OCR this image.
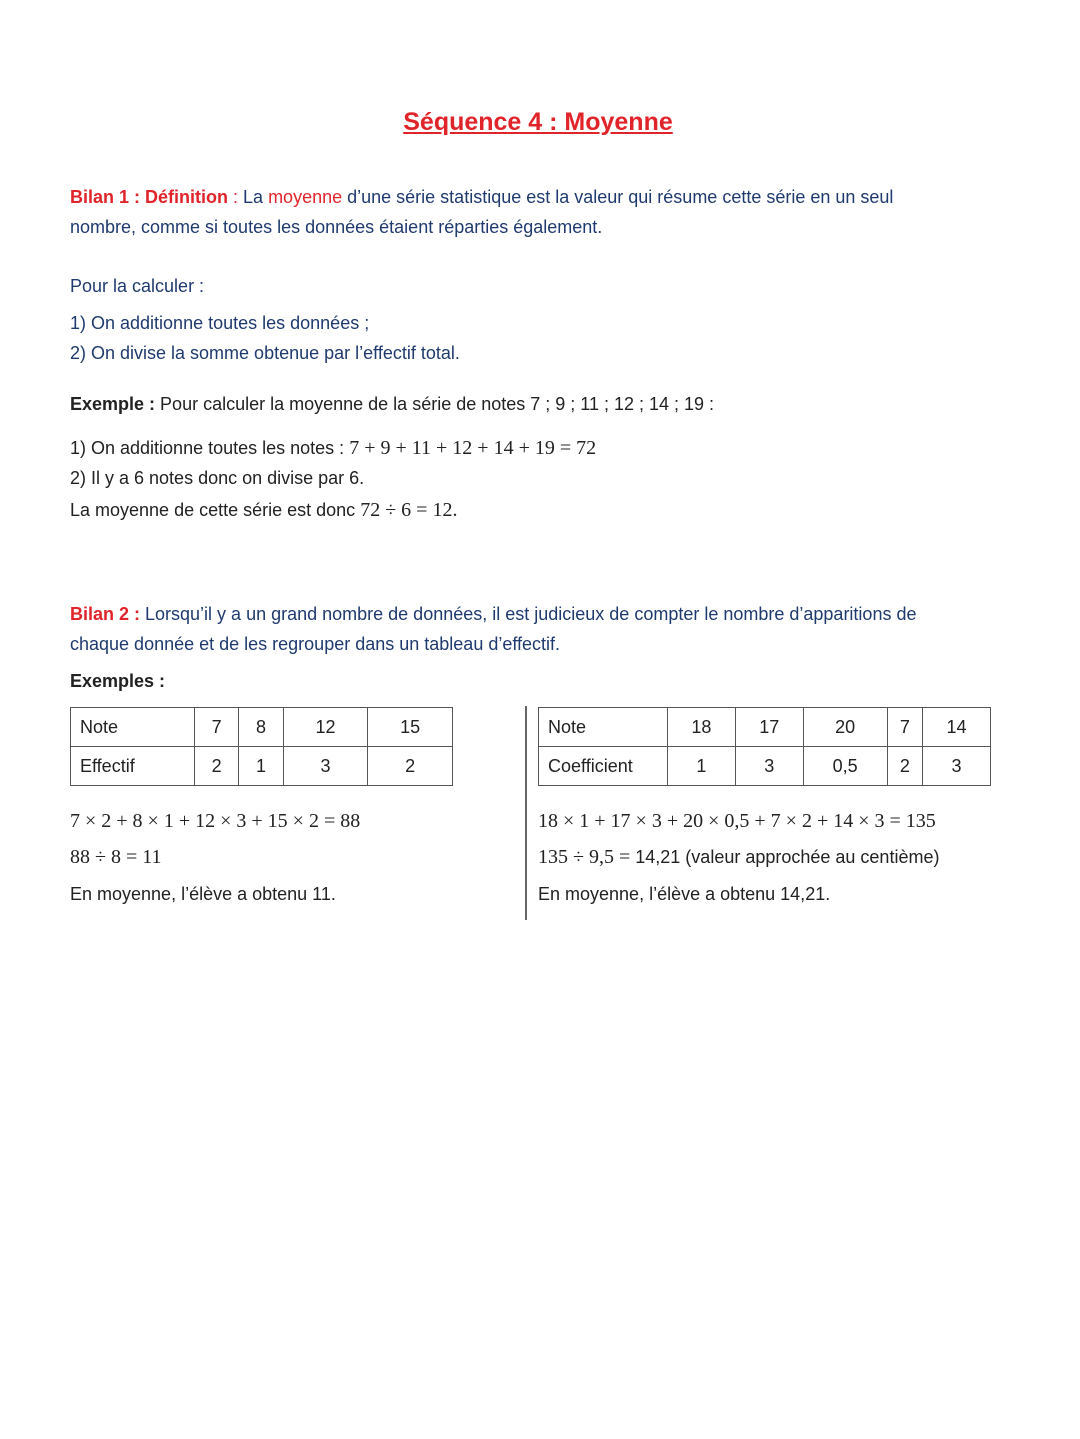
Séquence 4 : Moyenne
Bilan 1 : Définition : La moyenne d’une série statistique est la valeur qui résume cette série en un seul
nombre, comme si toutes les données étaient réparties également.
Pour la calculer :
1) On additionne toutes les données ;
2) On divise la somme obtenue par l’effectif total.
Exemple : Pour calculer la moyenne de la série de notes 7 ; 9 ; 11 ; 12 ; 14 ; 19 :
1) On additionne toutes les notes : 7 + 9 + 11 + 12 + 14 + 19 = 72
2) Il y a 6 notes donc on divise par 6.
La moyenne de cette série est donc 72 ÷ 6 = 12.
Bilan 2 : Lorsqu’il y a un grand nombre de données, il est judicieux de compter le nombre d’apparitions de
chaque donnée et de les regrouper dans un tableau d’effectif.
Exemples :
Note	7	8	12	15
Effectif	2	1	3	2
Note	18	17	20	7	14
Coefficient	1	3	0,5	2	3
7 × 2 + 8 × 1 + 12 × 3 + 15 × 2 = 88
88 ÷ 8 = 11
En moyenne, l’élève a obtenu 11.
18 × 1 + 17 × 3 + 20 × 0,5 + 7 × 2 + 14 × 3 = 135
135 ÷ 9,5 = 14,21 (valeur approchée au centième)
En moyenne, l’élève a obtenu 14,21.
